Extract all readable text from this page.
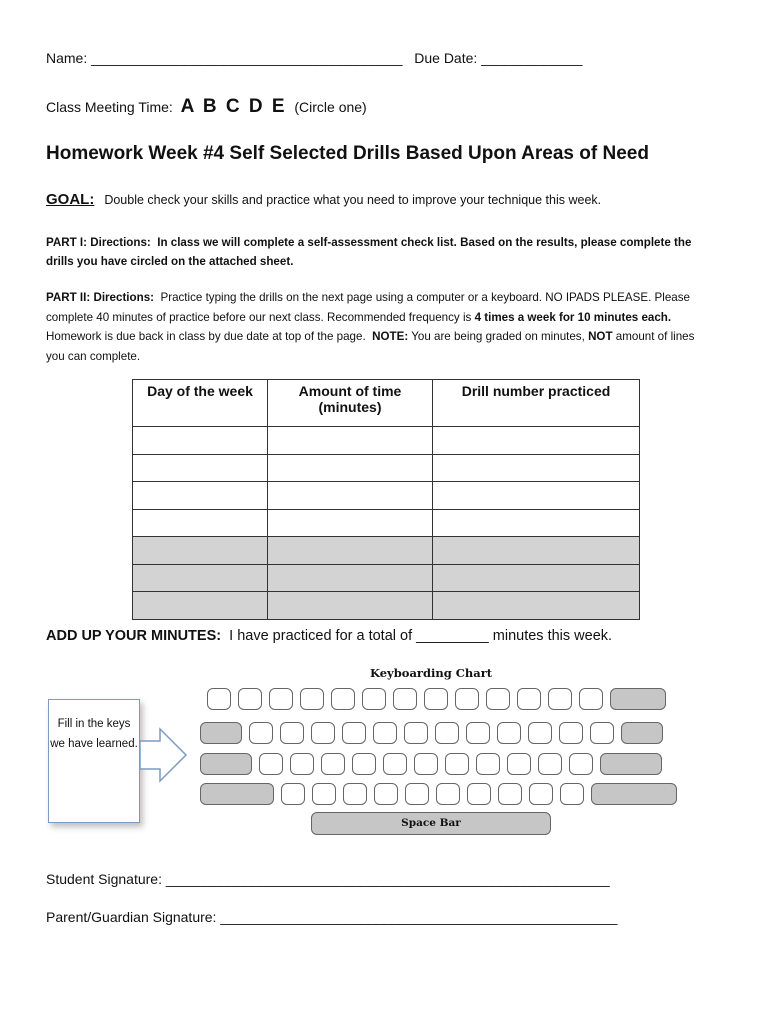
Name: ________________________________________ Due Date: _____________
Class Meeting Time: A B C D E (Circle one)
Homework Week #4 Self Selected Drills Based Upon Areas of Need
GOAL: Double check your skills and practice what you need to improve your technique this week.
PART I: Directions: In class we will complete a self-assessment check list. Based on the results, please complete the drills you have circled on the attached sheet.
PART II: Directions: Practice typing the drills on the next page using a computer or a keyboard. NO IPADS PLEASE. Please complete 40 minutes of practice before our next class. Recommended frequency is 4 times a week for 10 minutes each.  Homework is due back in class by due date at top of the page. NOTE: You are being graded on minutes, NOT amount of lines you can complete.
Day of the week	Amount of time (minutes)	Drill number practiced

ADD UP YOUR MINUTES: I have practiced for a total of _________ minutes this week.
Keyboarding Chart
Space Bar
Fill in the keys we have learned.
Student Signature: _________________________________________________________
Parent/Guardian Signature: ___________________________________________________
